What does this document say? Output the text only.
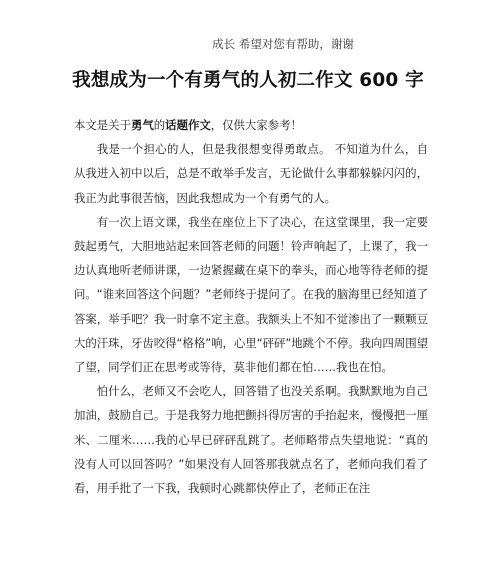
成长 希望对您有帮助，谢谢
我想成为一个有勇气的人初二作文 600 字

本文是关于勇气的话题作文，仅供大家参考！

我是一个担心的人，但是我很想变得勇敢点。 不知道为什么，自从我进入初中以后，总是不敢举手发言，无论做什么事都躲躲闪闪的，我正为此事很苦恼，因此我想成为一个有勇气的人。

有一次上语文课，我坐在座位上下了决心，在这堂课里，我一定要鼓起勇气，大胆地站起来回答老师的问题！铃声响起了，上课了，我一边认真地听老师讲课，一边紧握藏在桌下的拳头，而心地等待老师的提问。“谁来回答这个问题？”老师终于提问了。在我的脑海里已经知道了答案，举手吧？我一时拿不定主意。我额头上不知不觉渗出了一颗颗豆大的汗珠，牙齿咬得“格格”响，心里“砰砰”地跳个不停。我向四周围望了望，同学们正在思考或等待，莫非他们都在怕……我也在怕。

怕什么，老师又不会吃人，回答错了也没关系啊。我默默地为自己加油，鼓励自己。于是我努力地把颤抖得厉害的手抬起来，慢慢把一厘米、二厘米……我的心早已砰砰乱跳了。老师略带点失望地说：“真的没有人可以回答吗？”如果没有人回答那我就点名了，老师向我们看了看，用手批了一下我，我顿时心跳都快停止了，老师正在注
